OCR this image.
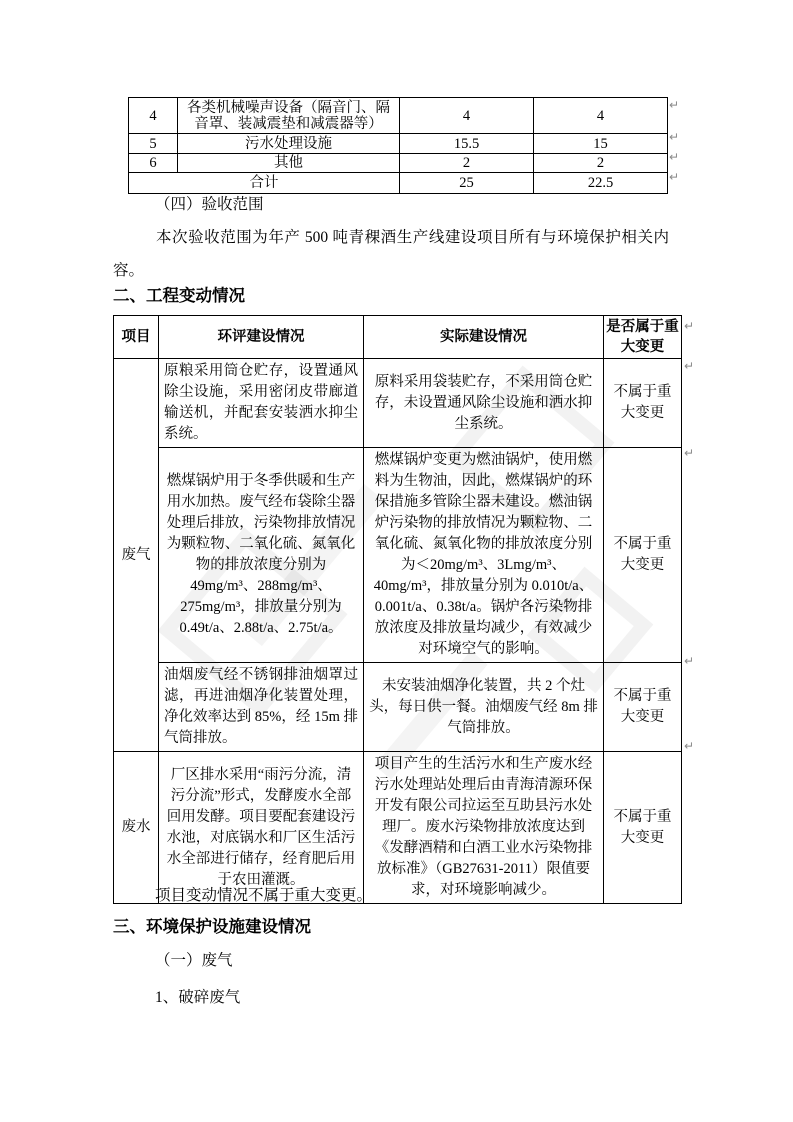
4	各类机械噪声设备（隔音门、隔音罩、装减震垫和减震器等）	4	4
5	污水处理设施	15.5	15
6	其他	2	2
合计		25	22.5
↵
↵
↵
↵
（四）验收范围
本次验收范围为年产 500 吨青稞酒生产线建设项目所有与环境保护相关内容。
二、工程变动情况
项目	环评建设情况	实际建设情况	是否属于重大变更
废气	原粮采用筒仓贮存，设置通风除尘设施，采用密闭皮带廊道输送机，并配套安装洒水抑尘系统。	原料采用袋装贮存，不采用筒仓贮存，未设置通风除尘设施和洒水抑尘系统。	不属于重大变更
	燃煤锅炉用于冬季供暖和生产用水加热。废气经布袋除尘器处理后排放，污染物排放情况为颗粒物、二氧化硫、氮氧化物的排放浓度分别为49mg/m³、288mg/m³、275mg/m³，排放量分别为0.49t/a、2.88t/a、2.75t/a。	燃煤锅炉变更为燃油锅炉，使用燃料为生物油，因此，燃煤锅炉的环保措施多管除尘器未建设。燃油锅炉污染物的排放情况为颗粒物、二氧化硫、氮氧化物的排放浓度分别为＜20mg/m³、3Lmg/m³、40mg/m³，排放量分别为 0.010t/a、0.001t/a、0.38t/a。锅炉各污染物排放浓度及排放量均减少，有效减少对环境空气的影响。	不属于重大变更
	油烟废气经不锈钢排油烟罩过滤，再进油烟净化装置处理，净化效率达到 85%，经 15m 排气筒排放。	未安装油烟净化装置，共 2 个灶头，每日供一餐。油烟废气经 8m 排气筒排放。	不属于重大变更
废水	厂区排水采用“雨污分流，清污分流”形式，发酵废水全部回用发酵。项目要配套建设污水池，对底锅水和厂区生活污水全部进行储存，经育肥后用于农田灌溉。	项目产生的生活污水和生产废水经污水处理站处理后由青海清源环保开发有限公司拉运至互助县污水处理厂。废水污染物排放浓度达到《发酵酒精和白酒工业水污染物排放标准》（GB27631-2011）限值要求，对环境影响减少。	不属于重大变更
↵
↵
↵
↵
↵
项目变动情况不属于重大变更。
三、环境保护设施建设情况
（一）废气
1、破碎废气
